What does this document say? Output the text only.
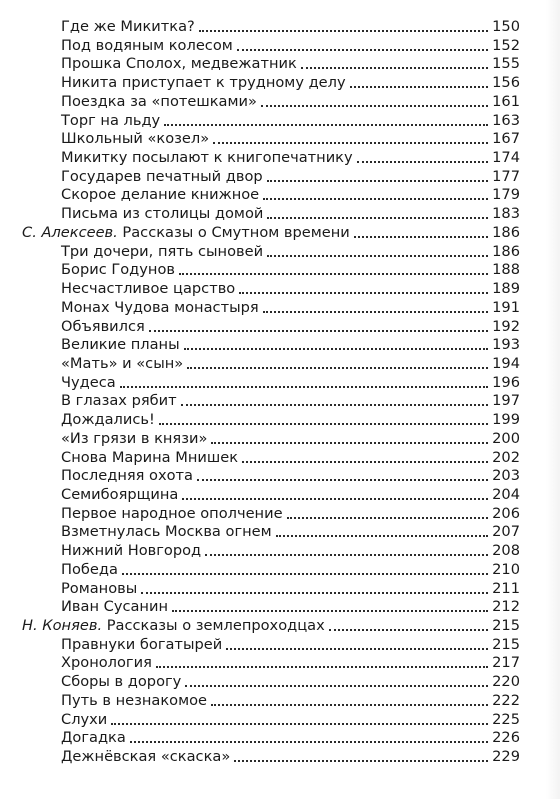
Где же Микитка?	150
Под водяным колесом	152
Прошка Сполох, медвежатник	155
Никита приступает к трудному делу	156
Поездка за «потешками»	161
Торг на льду	163
Школьный «козел»	167
Микитку посылают к книгопечатнику	174
Государев печатный двор	177
Скорое делание книжное	179
Письма из столицы домой	183
С. Алексеев. Рассказы о Смутном времени	186
Три дочери, пять сыновей	186
Борис Годунов	188
Несчастливое царство	189
Монах Чудова монастыря	191
Объявился	192
Великие планы	193
«Мать» и «сын»	194
Чудеса	196
В глазах рябит	197
Дождались!	199
«Из грязи в князи»	200
Снова Марина Мнишек	202
Последняя охота	203
Семибоярщина	204
Первое народное ополчение	206
Взметнулась Москва огнем	207
Нижний Новгород	208
Победа	210
Романовы	211
Иван Сусанин	212
Н. Коняев. Рассказы о землепроходцах	215
Правнуки богатырей	215
Хронология	217
Сборы в дорогу	220
Путь в незнакомое	222
Слухи	225
Догадка	226
Дежнёвская «скаска»	229
